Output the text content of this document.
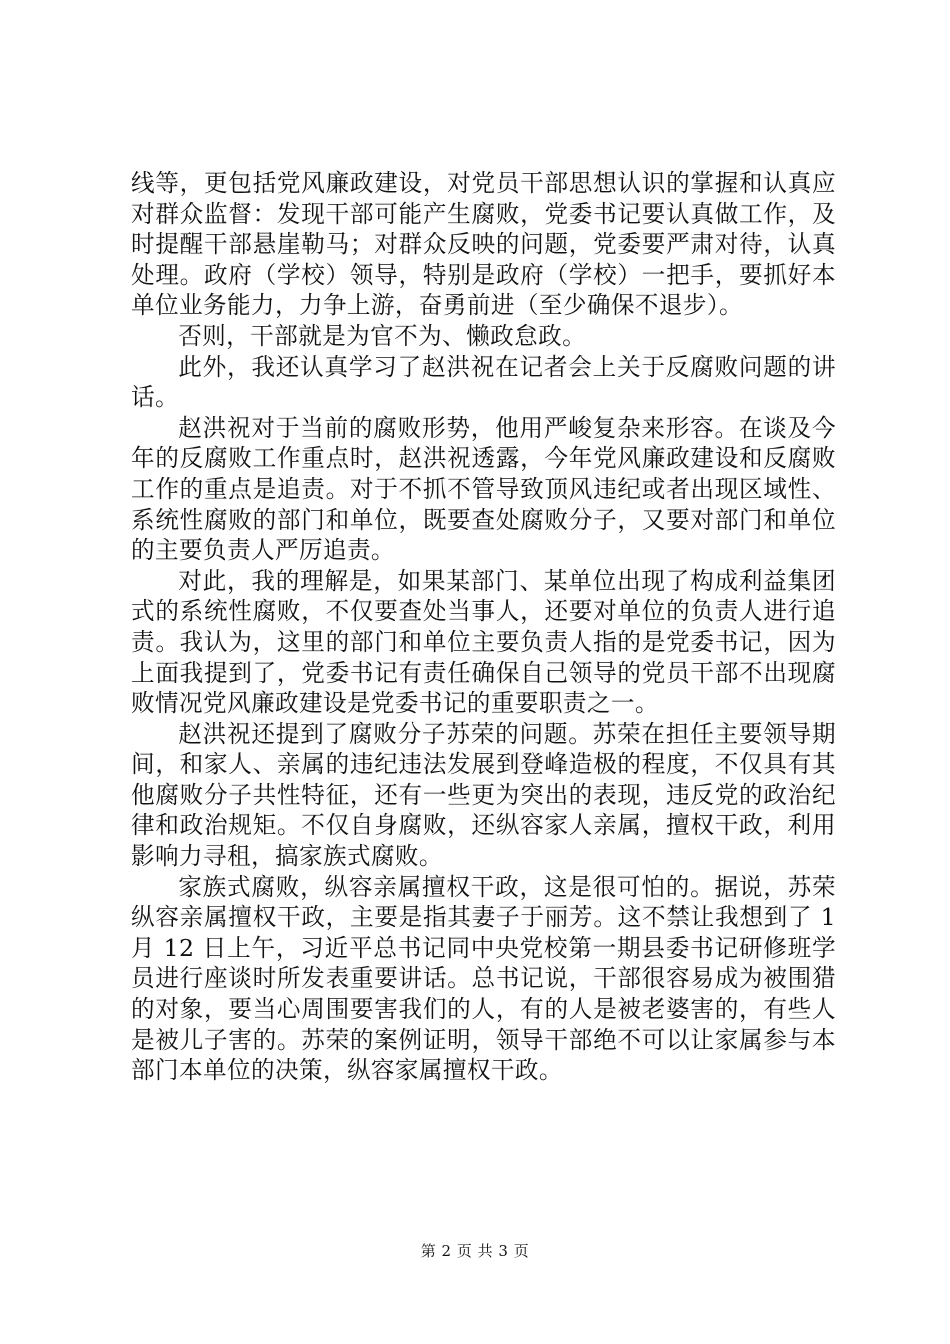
线等，更包括党风廉政建设，对党员干部思想认识的掌握和认真应对群众监督：发现干部可能产生腐败，党委书记要认真做工作，及时提醒干部悬崖勒马；对群众反映的问题，党委要严肃对待，认真处理。政府（学校）领导，特别是政府（学校）一把手，要抓好本单位业务能力，力争上游，奋勇前进（至少确保不退步）。

否则，干部就是为官不为、懒政怠政。

此外，我还认真学习了赵洪祝在记者会上关于反腐败问题的讲话。

赵洪祝对于当前的腐败形势，他用严峻复杂来形容。在谈及今年的反腐败工作重点时，赵洪祝透露，今年党风廉政建设和反腐败工作的重点是追责。对于不抓不管导致顶风违纪或者出现区域性、系统性腐败的部门和单位，既要查处腐败分子，又要对部门和单位的主要负责人严厉追责。

对此，我的理解是，如果某部门、某单位出现了构成利益集团式的系统性腐败，不仅要查处当事人，还要对单位的负责人进行追责。我认为，这里的部门和单位主要负责人指的是党委书记，因为上面我提到了，党委书记有责任确保自己领导的党员干部不出现腐败情况党风廉政建设是党委书记的重要职责之一。

赵洪祝还提到了腐败分子苏荣的问题。苏荣在担任主要领导期间，和家人、亲属的违纪违法发展到登峰造极的程度，不仅具有其他腐败分子共性特征，还有一些更为突出的表现，违反党的政治纪律和政治规矩。不仅自身腐败，还纵容家人亲属，擅权干政，利用影响力寻租，搞家族式腐败。

家族式腐败，纵容亲属擅权干政，这是很可怕的。据说，苏荣纵容亲属擅权干政，主要是指其妻子于丽芳。这不禁让我想到了 1 月 12 日上午，习近平总书记同中央党校第一期县委书记研修班学员进行座谈时所发表重要讲话。总书记说，干部很容易成为被围猎的对象，要当心周围要害我们的人，有的人是被老婆害的，有些人是被儿子害的。苏荣的案例证明，领导干部绝不可以让家属参与本部门本单位的决策，纵容家属擅权干政。

第 2 页 共 3 页
